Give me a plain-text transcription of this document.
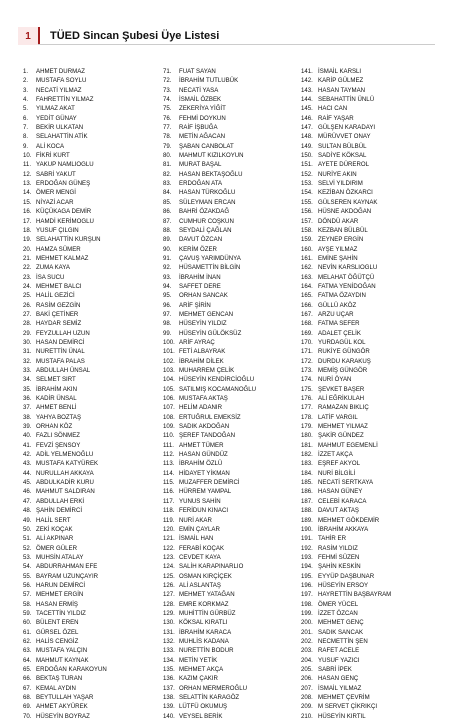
1	TÜED Sincan Şubesi Üye Listesi
1.	AHMET DURMAZ
2.	MUSTAFA SOYLU
3.	NECATİ YILMAZ
4.	FAHRETTİN YILMAZ
5.	YILMAZ AKAT
6.	YEDİT GÜNAY
7.	BEKİR ULKATAN
8.	SELAHATTİN ATİK
9.	ALİ KOCA
10. FİKRİ KURT
11. YAKUP NAMLIOGLU
12. SABRİ YAKUT
13. ERDOĞAN GÜNEŞ
14. ÖMER MENGİ
15. NİYAZİ ACAR
16. KÜÇÜKAGA DEMİR
17. HAMDİ KERİMOGLU
18. YUSUF ÇILGIN
19. SELAHATTİN KURŞUN
20. HAMZA SÜMER
21. MEHMET KALMAZ
22. ZUMA KAYA
23. İSA SUCU
24. MEHMET BALCI
25. HALİL GEZİCİ
26. RASİM GEZGİN
27. BAKİ ÇETİNER
28. HAYDAR SEMİZ
29. FEYZULLAH UZUN
30. HASAN DEMİRCİ
31. NURETTİN ÜNAL
32. MUSTAFA PALAS
33. ABDULLAH ÜNSAL
34. SELMET SIRT
35. İBRAHİM AKIN
36. KADİR ÜNSAL
37. AHMET BENLİ
38. YAHYA BOZTAŞ
39. ORHAN KÖZ
40. FAZLI SÖNMEZ
41. FEVZİ ŞENSOY
42. ADİL YELMENOĞLU
43. MUSTAFA KATYÜREK
44. NURULLAH AKKAYA
45. ABDULKADİR KURU
46. MAHMUT SALDIRAN
47. ABDULLAH ERKİ
48. ŞAHİN DEMİRCİ
49. HALİL SERT
50. ZEKİ KOÇAK
51. ALİ AKPINAR
52. ÖMER GÜLER
53. MUHSİN ATALAY
54. ABDURRAHMAN EFE
55. BAYRAM UZUNÇAYIR
56. HARUN DEMİRCİ
57. MEHMET ERGİN
58. HASAN ERMİŞ
59. TACETTİN YILDIZ
60. BÜLENT EREN
61. GÜRSEL ÖZEL
62. HALİS CENGİZ
63. MUSTAFA YALÇIN
64. MAHMUT KAYNAK
65. ERDOĞAN KARAKOYUN
66. BEKTAŞ TURAN
67. KEMAL AYDIN
68. BEYTULLAH YAŞAR
69. AHMET AKYÜREK
70. HÜSEYİN BOYRAZ
71.	FUAT SAYAN
72.	İBRAHİM TUTLUBÜK
73.	NECATİ YASA
74.	İSMAİL ÖZBEK
75.	ZEKERİYA YİĞİT
76.	FEHMİ DOYKUN
77.	RAİF İŞBUĞA
78.	METİN AĞACAN
79.	ŞABAN CANBOLAT
80.	MAHMUT KIZILKOYUN
81.	MURAT BAŞAL
82.	HASAN BEKTAŞOĞLU
83.	ERDOĞAN ATA
84.	HASAN TÜRKOĞLU
85.	SÜLEYMAN ERCAN
86.	BAHRİ ÖZAKDAĞ
87.	CUMHUR COŞKUN
88.	SEYDALİ ÇAĞLAN
89.	DAVUT ÖZCAN
90.	KERİM ÖZER
91.	ÇAVUŞ YARIMDÜNYA
92.	HÜSAMETTİN BİLGİN
93.	İBRAHİM İNAN
94.	SAFFET DERE
95.	ORHAN SANCAK
96.	ARİF ŞİRİN
97.	MEHMET GENCAN
98.	HÜSEYİN YILDIZ
99.	HÜSEYİN GÜLÖKSÜZ
100. ARİF AYRAÇ
101. FETİ ALBAYRAK
102. İBRAHİM DİLEK
103. MUHARREM ÇELİK
104. HÜSEYİN KENDİRCİOĞLU
105. SATILMIŞ KOCAMANOĞLU
106. MUSTAFA AKTAŞ
107. HELİM ADANIR
108. ERTUĞRUL EMEKSİZ
109. SADIK AKDOĞAN
110. ŞEREF TANDOĞAN
111. AHMET TÜMER
112. HASAN GÜNDÜZ
113. İBRAHİM ÖZLÜ
114. HİDAYET YİKMAN
115. MUZAFFER DEMİRCİ
116. HÜRREM YAMPAL
117. YUNUS SAHİN
118. FERİDUN KINACI
119. NURİ AKAR
120. EMİN ÇAYLAR
121. İSMAİL HAN
122. FERABİ KOÇAK
123. CEVDET KAYA
124. SALİH KARAPINARLIO
125. OSMAN KIRÇİÇEK
126. ALİ ASLANTAŞ
127. MEHMET YATAĞAN
128. EMRE KORKMAZ
129. MUHİTTİN GÜRBÜZ
130. KÖKSAL KIRATLI
131. İBRAHİM KARACA
132. MUHLİS KADANA
133. NURETTİN BODUR
134. METİN YETİK
135. MEHMET AKÇA
136. KAZIM ÇAKIR
137. ORHAN MERMEROĞLU
138. SELATTİN KARAGÖZ
139. LÜTFÜ OKUMUŞ
140. VEYSEL BERİK
141. İSMAİL KARSLI
142. KARİP GÜLMEZ
143. HASAN TAYMAN
144. SEBAHATTİN ÜNLÜ
145. HACI CAN
146. RAİF YAŞAR
147. GÜLŞEN KARADAYI
148. MÜRÜVVET ONAY
149. SULTAN BÜLBÜL
150. SADİYE KÖKSAL
151. AYETE DÜREROL
152. NURİYE AKIN
153. SELVİ YILDIRIM
154. KEZİBAN ÖZKARCI
155. GÜLSEREN KAYNAK
156. HÜSNE AKDOĞAN
157. DÖNDÜ AKAR
158. KEZBAN BÜLBÜL
159. ZEYNEP ERGİN
160. AYŞE YILMAZ
161. EMİNE ŞAHİN
162. NEVİN KARSLIOGLU
163. MELAHAT ÖĞÜTÇÜ
164. FATMA YENİDOĞAN
165. FATMA ÖZAYDIN
166. GÜLLÜ AKÖZ
167. ARZU UÇAR
168. FATMA SEFER
169. ADALET ÇELİK
170. YURDAGÜL KOL
171. RUKİYE GÜNGÖR
172. DURDU KARAKUŞ
173. MEMİŞ GÜNGÖR
174. NURİ ÖYAN
175. ŞEVKET BAŞER
176. ALİ EĞRİKULAH
177. RAMAZAN BIKLIÇ
178. LATİF VARGIL
179. MEHMET YILMAZ
180. ŞAKİR GÜNDEZ
181. MAHMUT EGEMENLİ
182. İZZET AKÇA
183. EŞREF AKYOL
184. NURİ BİLGİLİ
185. NECATİ SERTKAYA
186. HASAN GÜNEY
187. CELEBİ KARACA
188. DAVUT AKTAŞ
189. MEHMET GÖKDEMİR
190. İBRAHİM AKKAYA
191. TAHİR ER
192. RASİM YILDIZ
193. FEHMİ SÜZEN
194. ŞAHİN KESKİN
195. EYYÜP DAŞBUNAR
196. HÜSEYİN ERSOY
197. HAYRETTİN BAŞBAYRAM
198. ÖMER YÜCEL
199. İZZET ÖZCAN
200. MEHMET GENÇ
201. SADIK SANCAK
202. NECMETTİN ŞEN
203. RAFET ACELE
204. YUSUF YAZICI
205. SABRİ İPEK
206. HASAN GENÇ
207. İSMAİL YILMAZ
208. MEHMET ÇEVRİM
209. M SERVET ÇİKRIKÇI
210. HÜSEYİN KIRTIL
